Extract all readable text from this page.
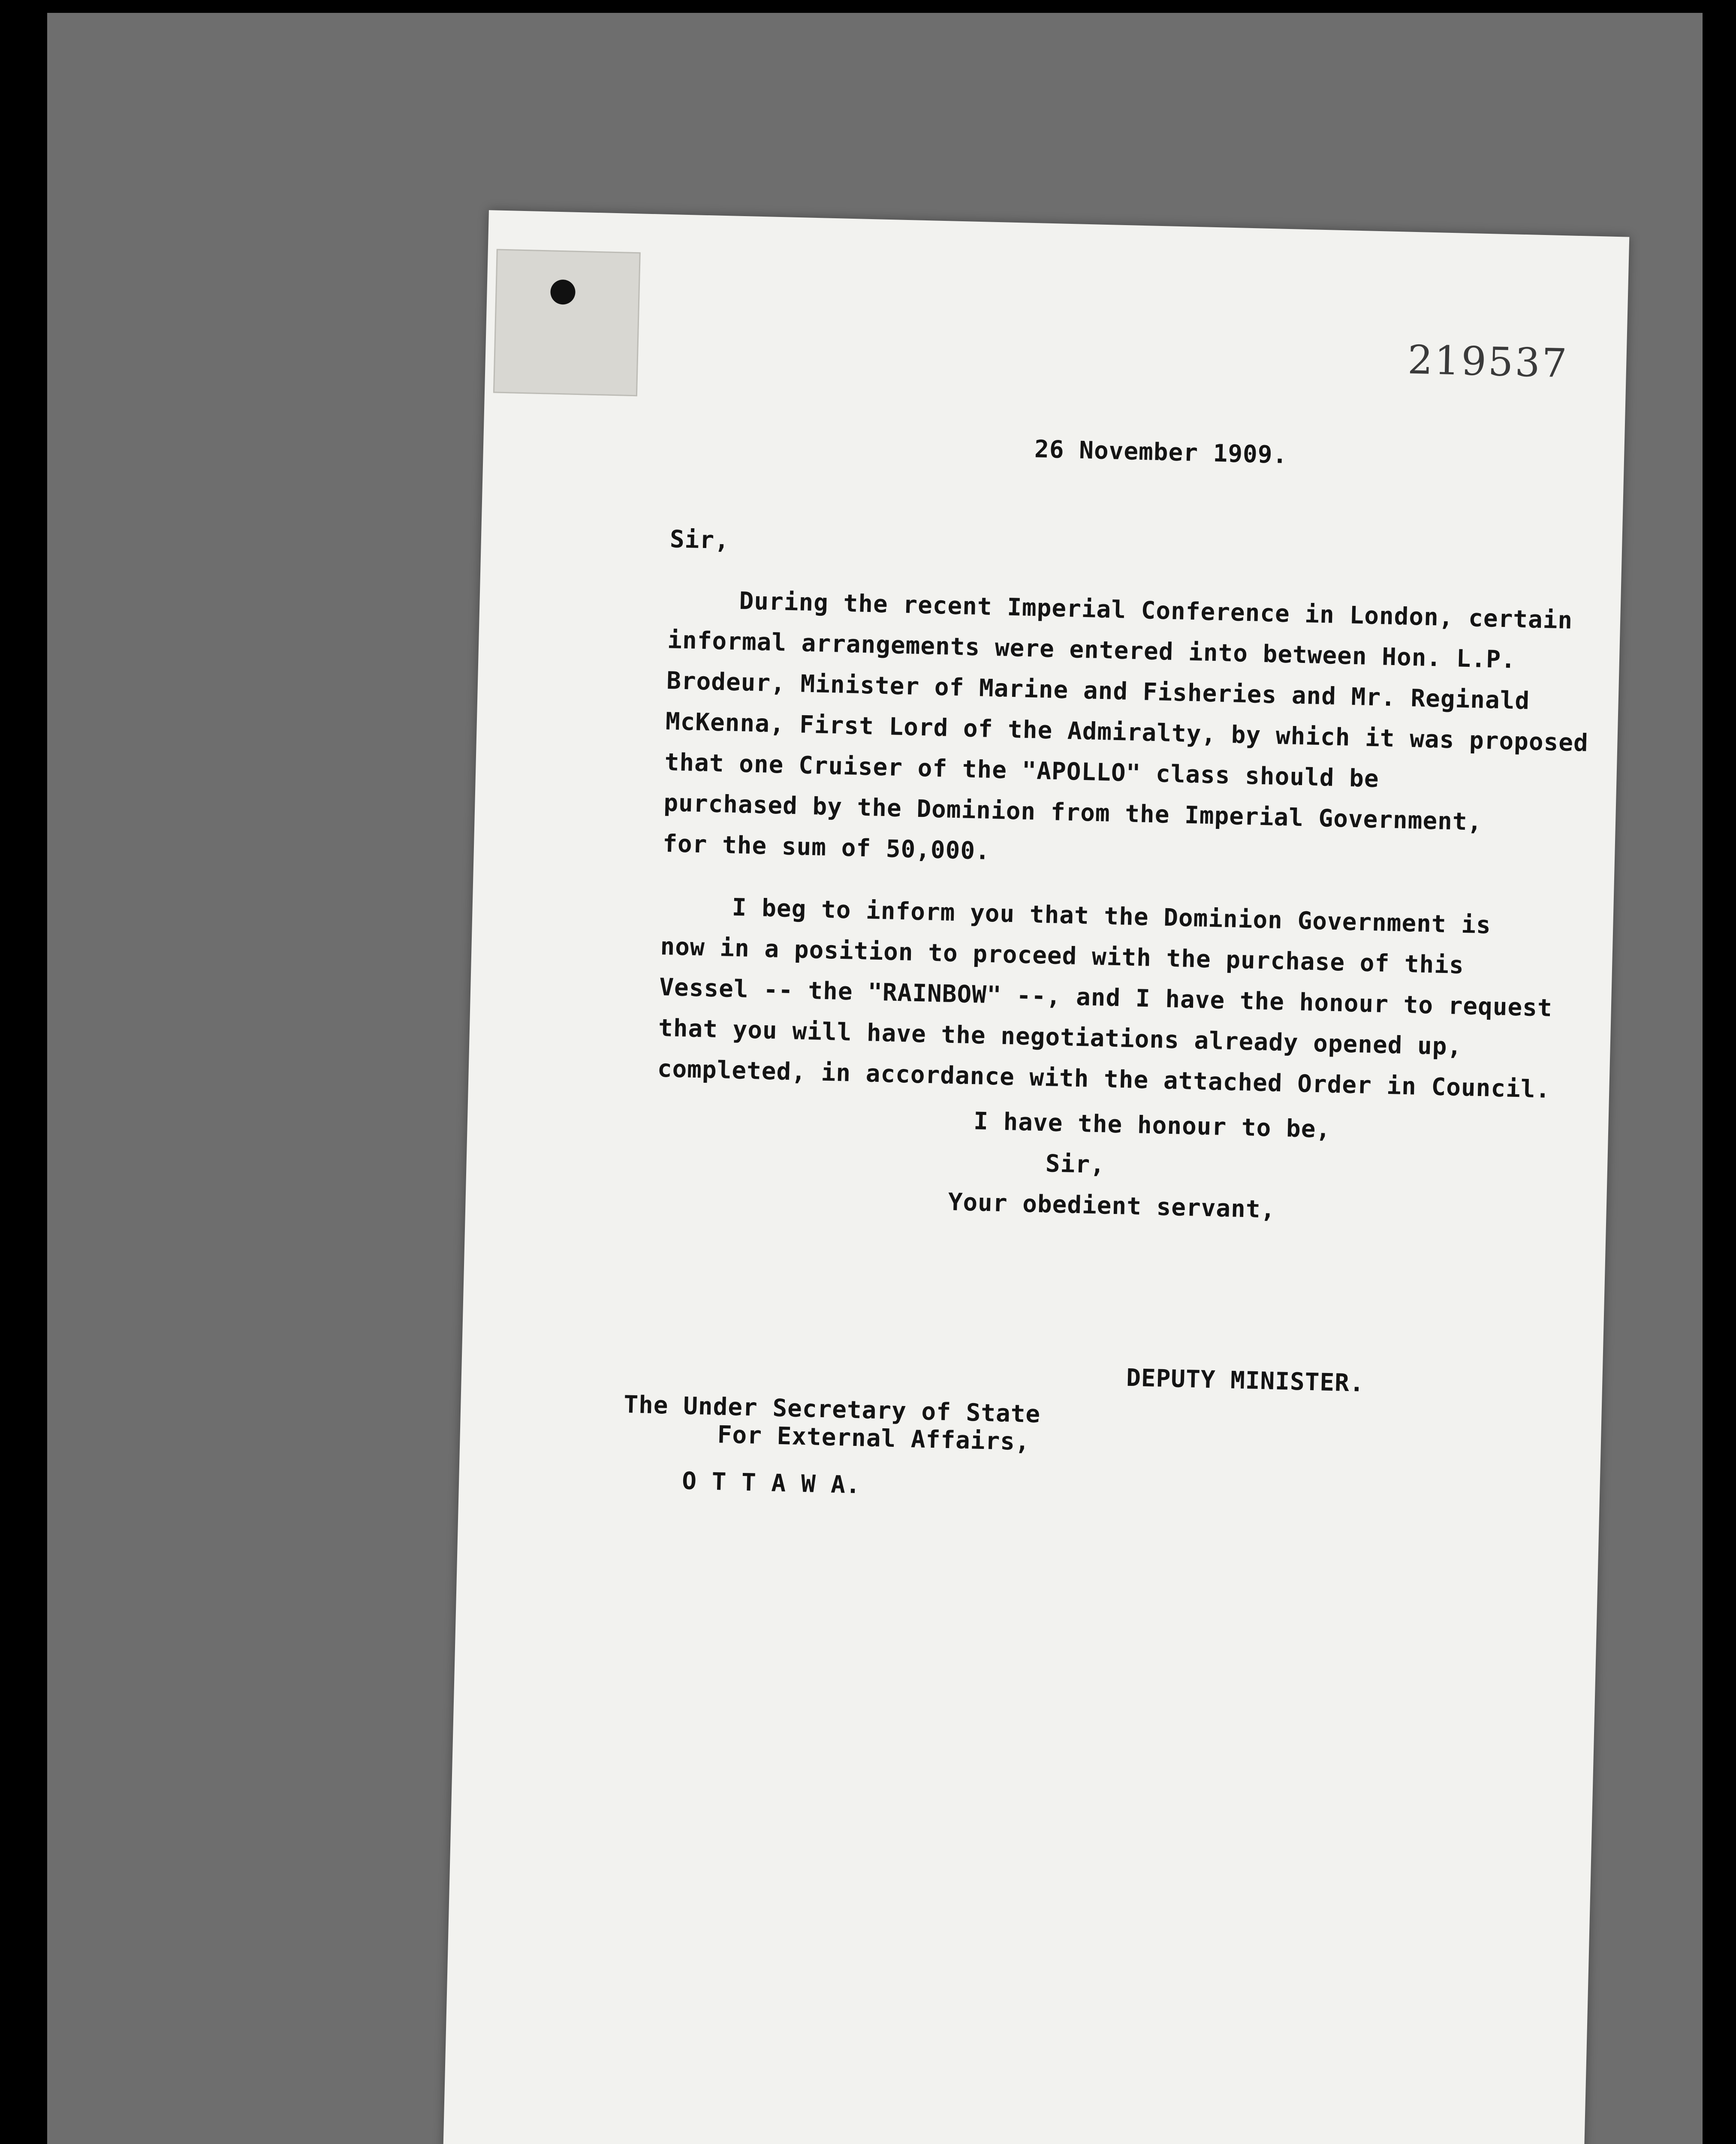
219537
26 November 1909.
Sir,
During the recent Imperial Conference in London, certain
informal arrangements were entered into between Hon. L.P.
Brodeur, Minister of Marine and Fisheries and Mr. Reginald
McKenna, First Lord of the Admiralty, by which it was proposed
that one Cruiser of the "APOLLO" class should be
purchased by the Dominion from the Imperial Government,
for the sum of 50,000.
I beg to inform you that the Dominion Government is
now in a position to proceed with the purchase of this
Vessel -- the "RAINBOW" --, and I have the honour to request
that you will have the negotiations already opened up,
completed, in accordance with the attached Order in Council.
I have the honour to be,
Sir,
Your obedient servant,
DEPUTY MINISTER.
The Under Secretary of State
For External Affairs,
O T T A W A.
